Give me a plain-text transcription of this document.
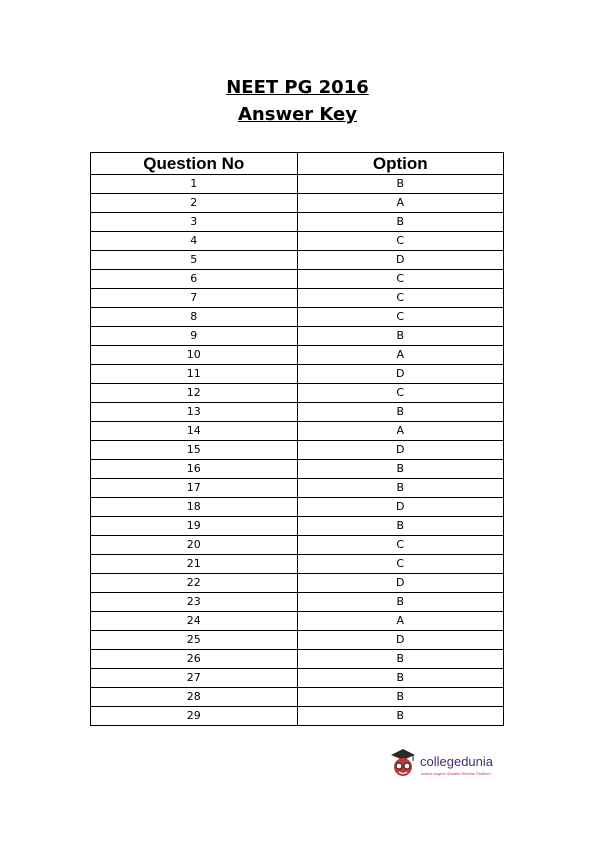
NEET PG 2016
Answer Key
Question No	Option
1	B
2	A
3	B
4	C
5	D
6	C
7	C
8	C
9	B
10	A
11	D
12	C
13	B
14	A
15	D
16	B
17	B
18	D
19	B
20	C
21	C
22	D
23	B
24	A
25	D
26	B
27	B
28	B
29	B
collegedunia
India's largest Student Review Platform
